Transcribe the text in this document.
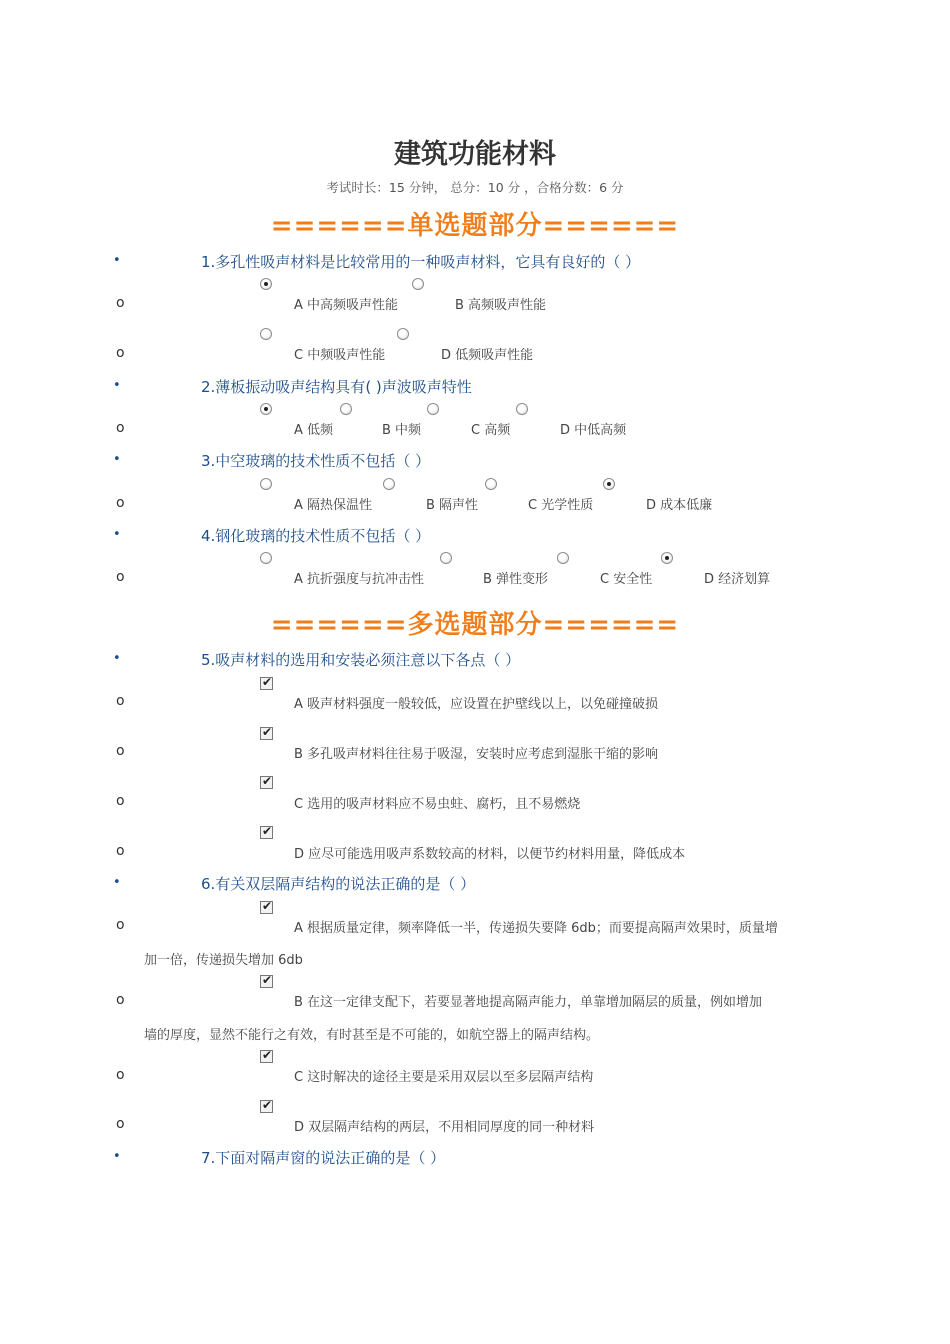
建筑功能材料
考试时长：15 分钟， 总分：10 分 ，合格分数：6 分
======单选题部分======
•	1.多孔性吸声材料是比较常用的一种吸声材料，它具有良好的（ ）
o	A 中高频吸声性能	B 高频吸声性能
o	C 中频吸声性能	D 低频吸声性能
•	2.薄板振动吸声结构具有( )声波吸声特性
o	A 低频	B 中频	C 高频	D 中低高频
•	3.中空玻璃的技术性质不包括（ ）
o	A 隔热保温性	B 隔声性	C 光学性质	D 成本低廉
•	4.钢化玻璃的技术性质不包括（ ）
o	A 抗折强度与抗冲击性	B 弹性变形	C 安全性	D 经济划算
======多选题部分======
•	5.吸声材料的选用和安装必须注意以下各点（ ）
✔
o	A 吸声材料强度一般较低，应设置在护壁线以上，以免碰撞破损
✔
o	B 多孔吸声材料往往易于吸湿，安装时应考虑到湿胀干缩的影响
✔
o	C 选用的吸声材料应不易虫蛀、腐朽，且不易燃烧
✔
o	D 应尽可能选用吸声系数较高的材料，以便节约材料用量，降低成本
•	6.有关双层隔声结构的说法正确的是（ ）
✔
o	A 根据质量定律，频率降低一半，传递损失要降 6db；而要提高隔声效果时，质量增
加一倍，传递损失增加 6db
✔
o	B 在这一定律支配下，若要显著地提高隔声能力，单靠增加隔层的质量，例如增加
墙的厚度，显然不能行之有效，有时甚至是不可能的，如航空器上的隔声结构。
✔
o	C 这时解决的途径主要是采用双层以至多层隔声结构
✔
o	D 双层隔声结构的两层，不用相同厚度的同一种材料
•	7.下面对隔声窗的说法正确的是（ ）
